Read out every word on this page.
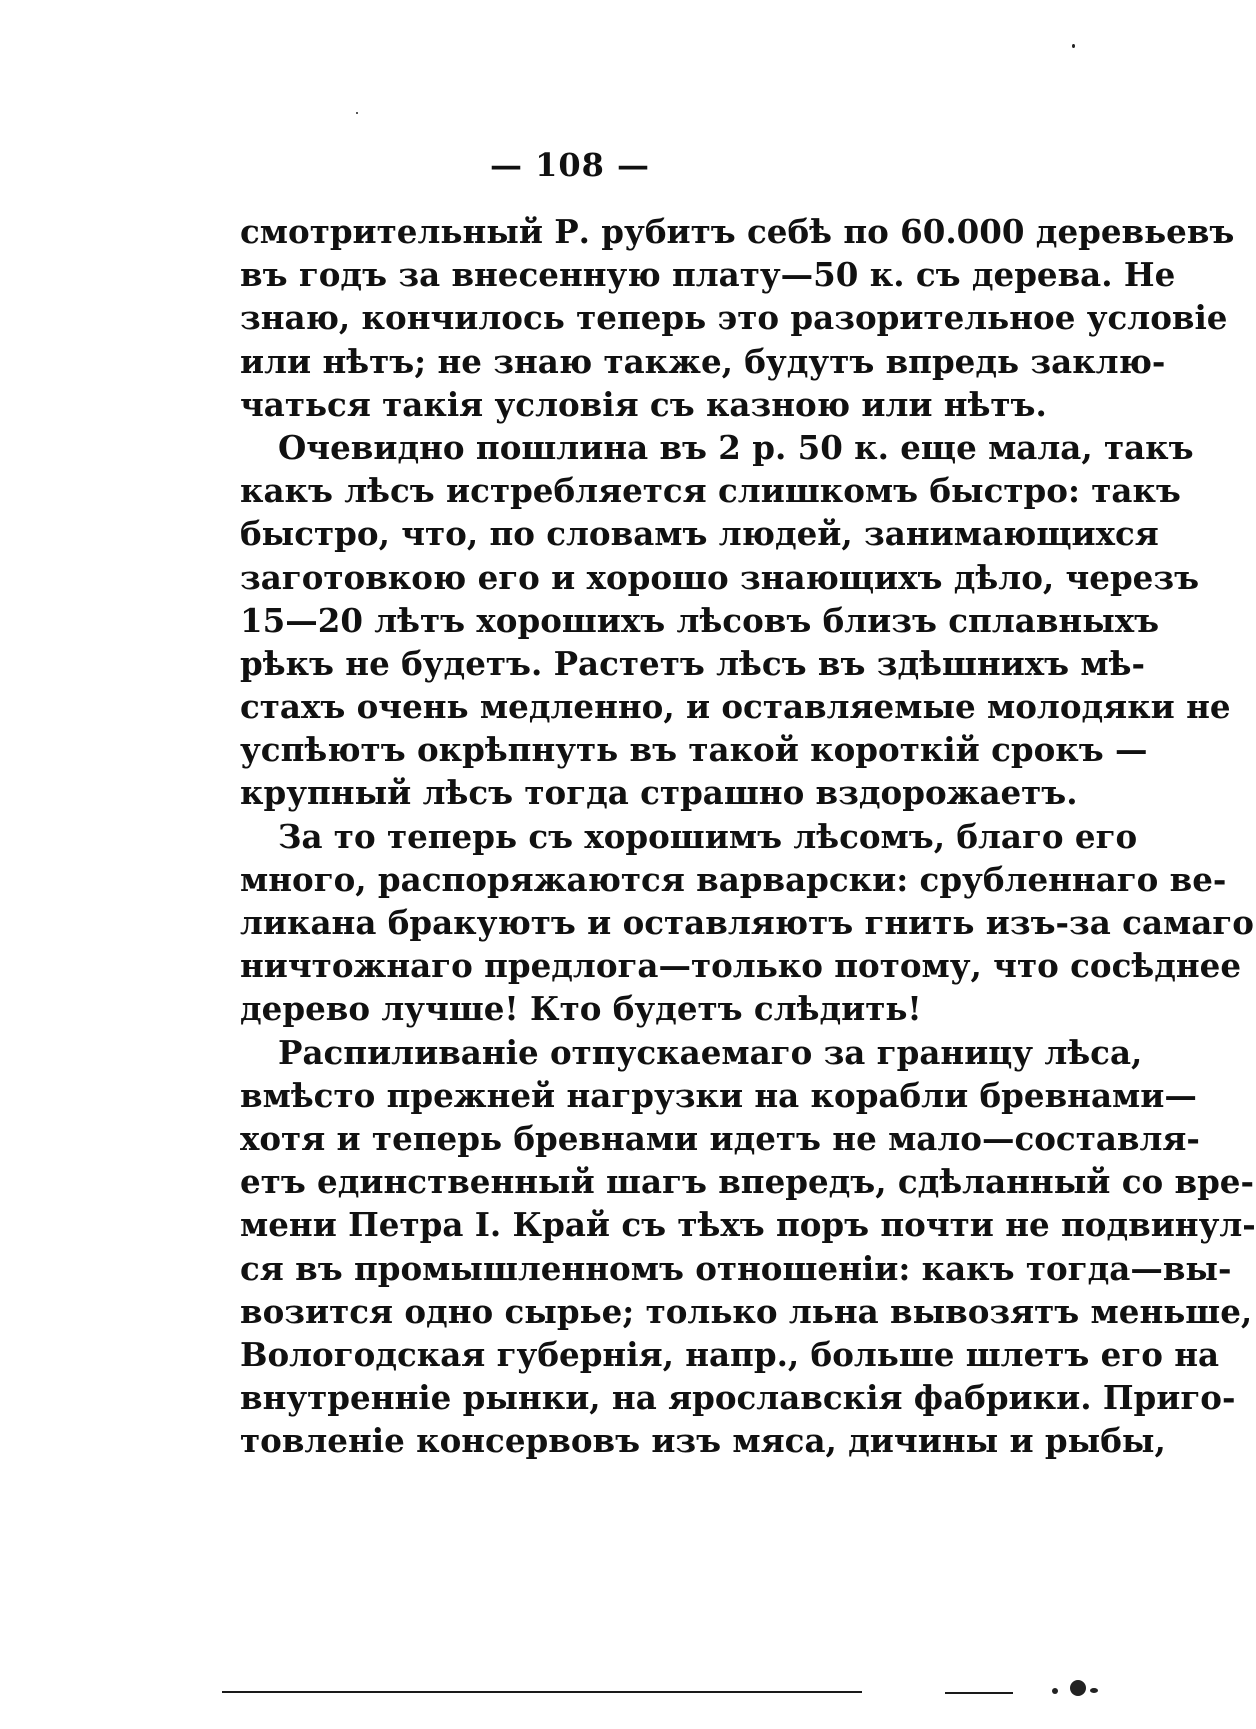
— 108 —
смотрительный Р. рубитъ себѣ по 60.000 деревьевъ
въ годъ за внесенную плату—50 к. съ дерева. Не
знаю, кончилось теперь это разорительное условіе
или нѣтъ; не знаю также, будутъ впредь заклю-
чаться такія условія съ казною или нѣтъ.
Очевидно пошлина въ 2 р. 50 к. еще мала, такъ
какъ лѣсъ истребляется слишкомъ быстро: такъ
быстро, что, по словамъ людей, занимающихся
заготовкою его и хорошо знающихъ дѣло, черезъ
15—20 лѣтъ хорошихъ лѣсовъ близъ сплавныхъ
рѣкъ не будетъ. Растетъ лѣсъ въ здѣшнихъ мѣ-
стахъ очень медленно, и оставляемые молодяки не
успѣютъ окрѣпнуть въ такой короткій срокъ —
крупный лѣсъ тогда страшно вздорожаетъ.
За то теперь съ хорошимъ лѣсомъ, благо его
много, распоряжаются варварски: срубленнаго ве-
ликана бракуютъ и оставляютъ гнить изъ-за самаго
ничтожнаго предлога—только потому, что сосѣднее
дерево лучше! Кто будетъ слѣдить!
Распиливаніе отпускаемаго за границу лѣса,
вмѣсто прежней нагрузки на корабли бревнами—
хотя и теперь бревнами идетъ не мало—составля-
етъ единственный шагъ впередъ, сдѣланный со вре-
мени Петра І. Край съ тѣхъ поръ почти не подвинул-
ся въ промышленномъ отношеніи: какъ тогда—вы-
возится одно сырье; только льна вывозятъ меньше,
Вологодская губернія, напр., больше шлетъ его на
внутренніе рынки, на ярославскія фабрики. Приго-
товленіе консервовъ изъ мяса, дичины и рыбы,
